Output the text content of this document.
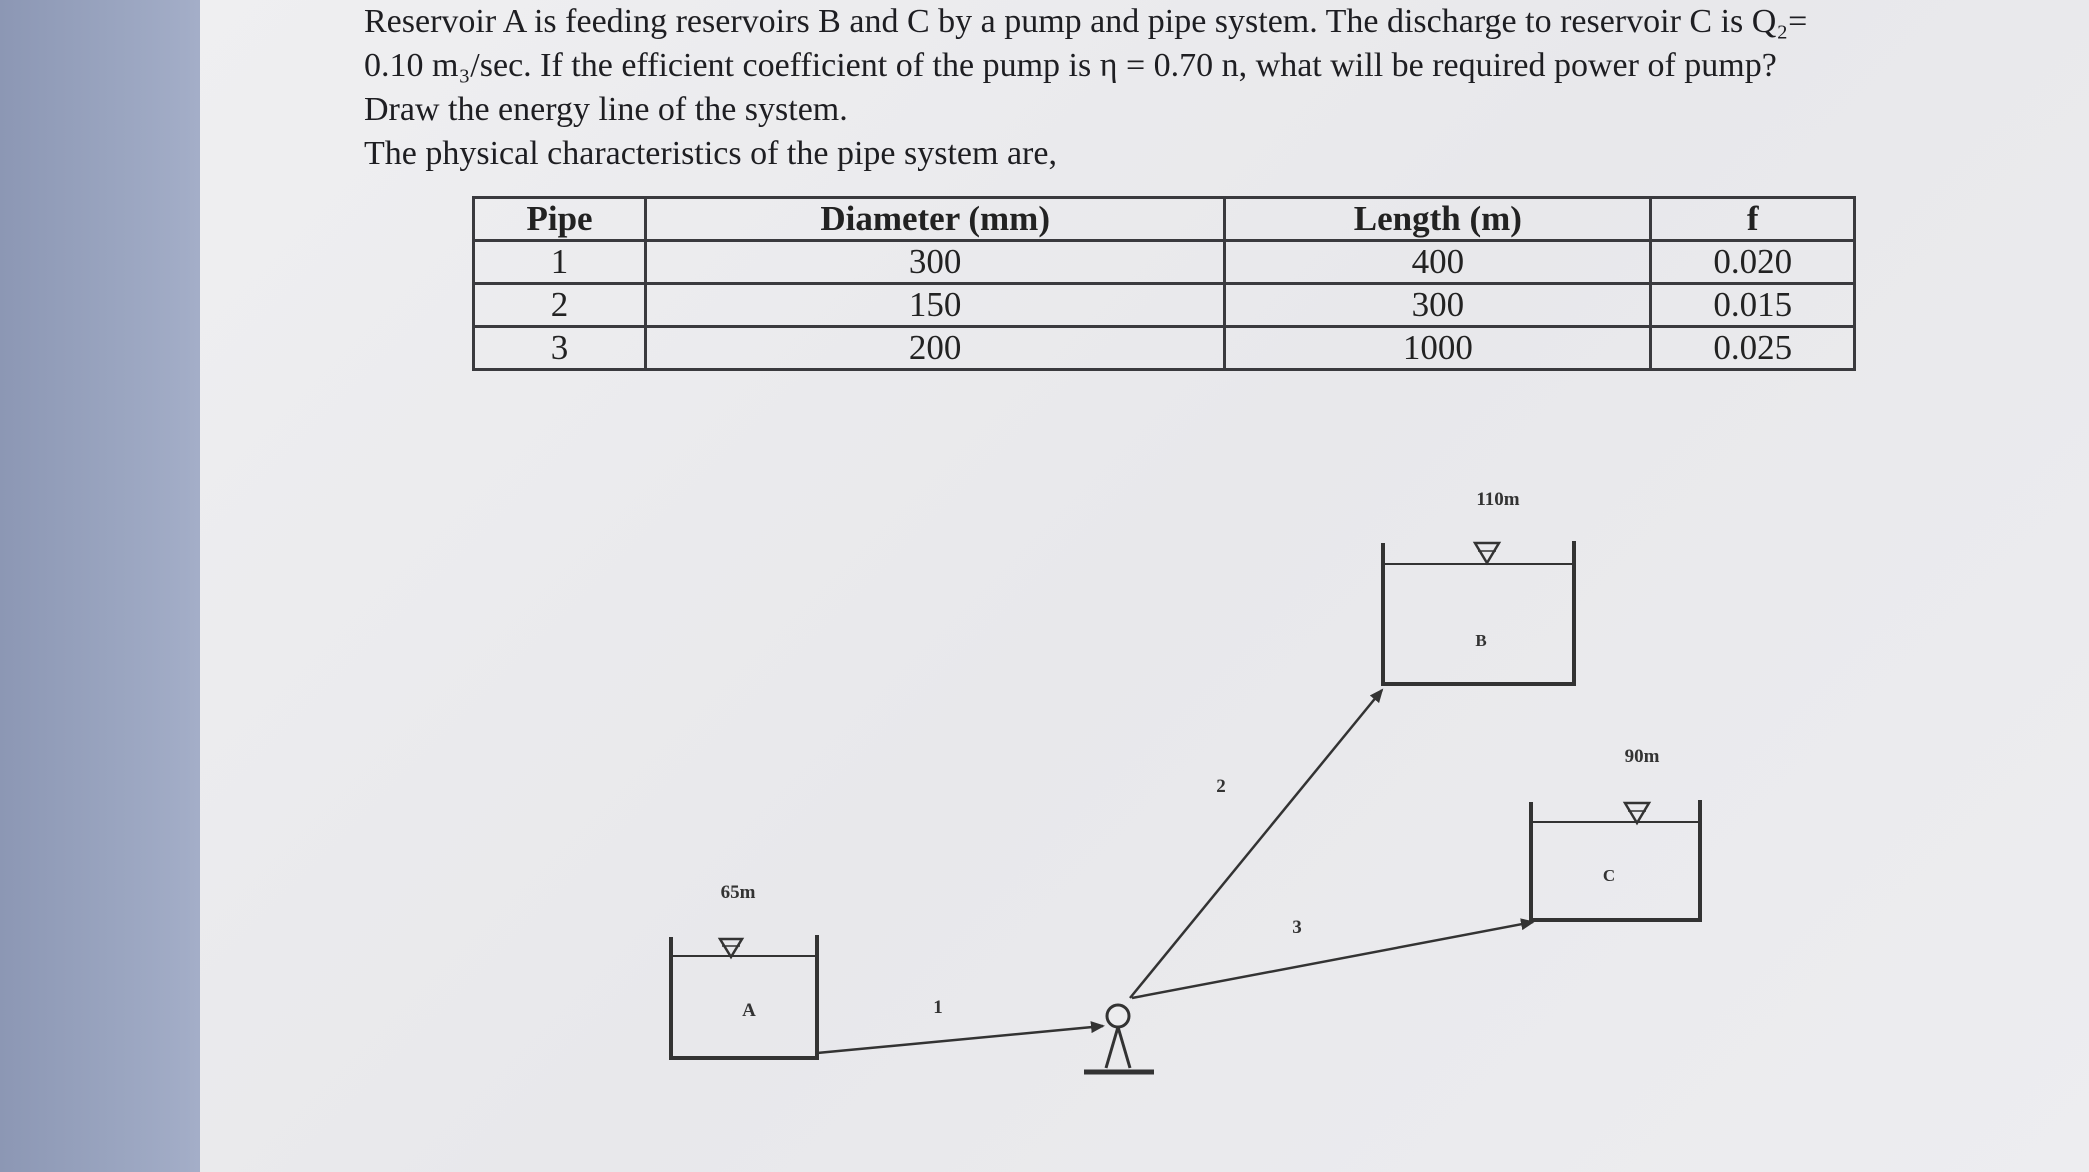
Reservoir A is feeding reservoirs B and C by a pump and pipe system. The discharge to reservoir C is Q₂=

0.10 m₃/sec. If the efficient coefficient of the pump is η = 0.70 n, what will be required power of pump?

Draw the energy line of the system.

The physical characteristics of the pipe system are,

Pipe	Diameter (mm)	Length (m)	f
1	300	400	0.020
2	150	300	0.015
3	200	1000	0.025
65m
A
110m
B
90m
C
1
2
3
